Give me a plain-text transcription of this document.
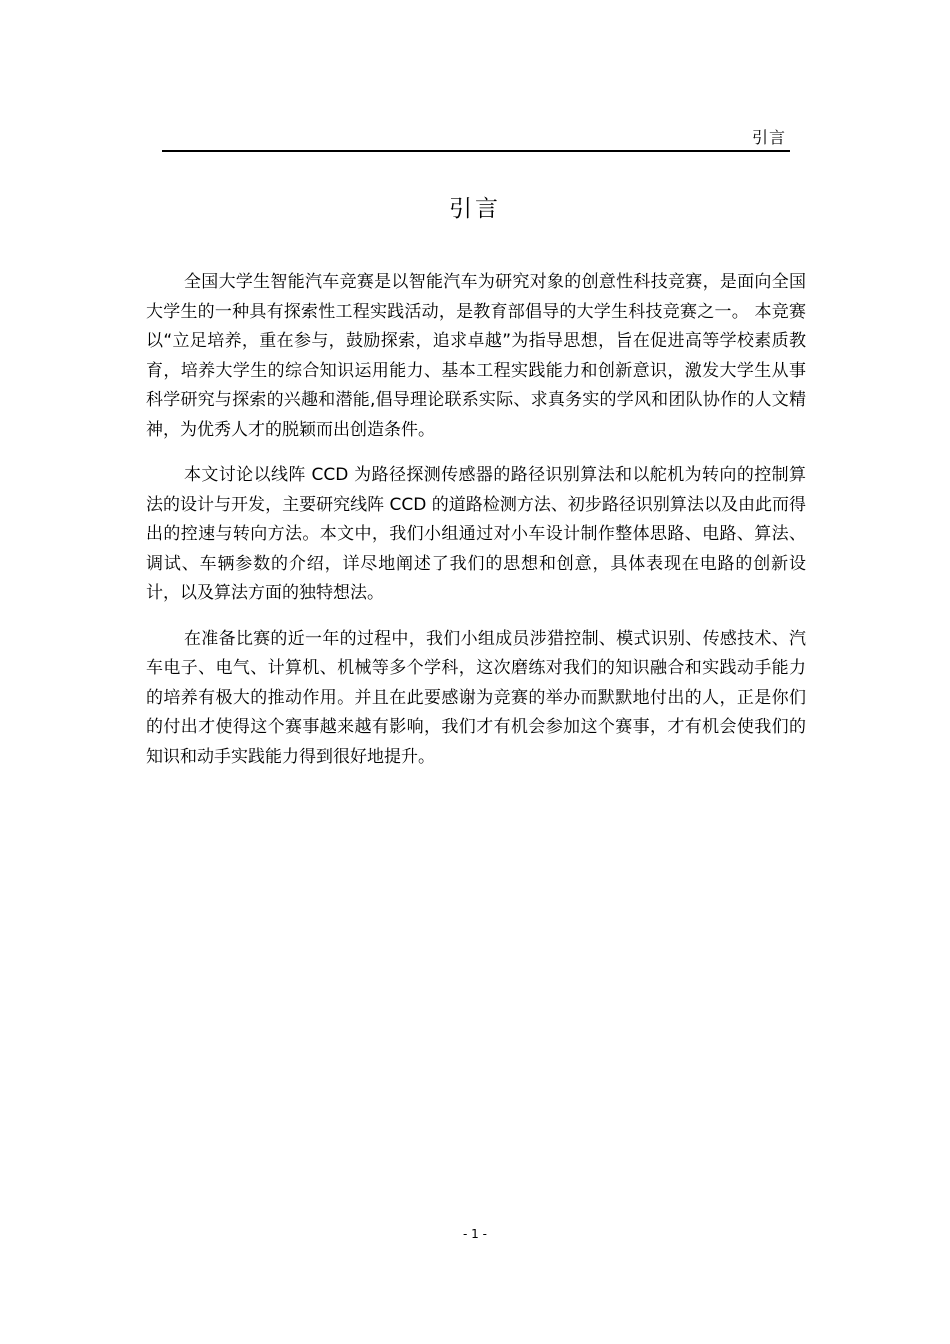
引言
引言

全国大学生智能汽车竞赛是以智能汽车为研究对象的创意性科技竞赛，是面向全国大学生的一种具有探索性工程实践活动，是教育部倡导的大学生科技竞赛之一。 本竞赛以“立足培养，重在参与，鼓励探索，追求卓越”为指导思想，旨在促进高等学校素质教育，培养大学生的综合知识运用能力、基本工程实践能力和创新意识，激发大学生从事科学研究与探索的兴趣和潜能,倡导理论联系实际、求真务实的学风和团队协作的人文精神，为优秀人才的脱颖而出创造条件。

本文讨论以线阵 CCD 为路径探测传感器的路径识别算法和以舵机为转向的控制算法的设计与开发，主要研究线阵 CCD 的道路检测方法、初步路径识别算法以及由此而得出的控速与转向方法。本文中，我们小组通过对小车设计制作整体思路、电路、算法、调试、车辆参数的介绍，详尽地阐述了我们的思想和创意，具体表现在电路的创新设计，以及算法方面的独特想法。

在准备比赛的近一年的过程中，我们小组成员涉猎控制、模式识别、传感技术、汽车电子、电气、计算机、机械等多个学科，这次磨练对我们的知识融合和实践动手能力的培养有极大的推动作用。并且在此要感谢为竞赛的举办而默默地付出的人，正是你们的付出才使得这个赛事越来越有影响，我们才有机会参加这个赛事，才有机会使我们的知识和动手实践能力得到很好地提升。

- 1 -
